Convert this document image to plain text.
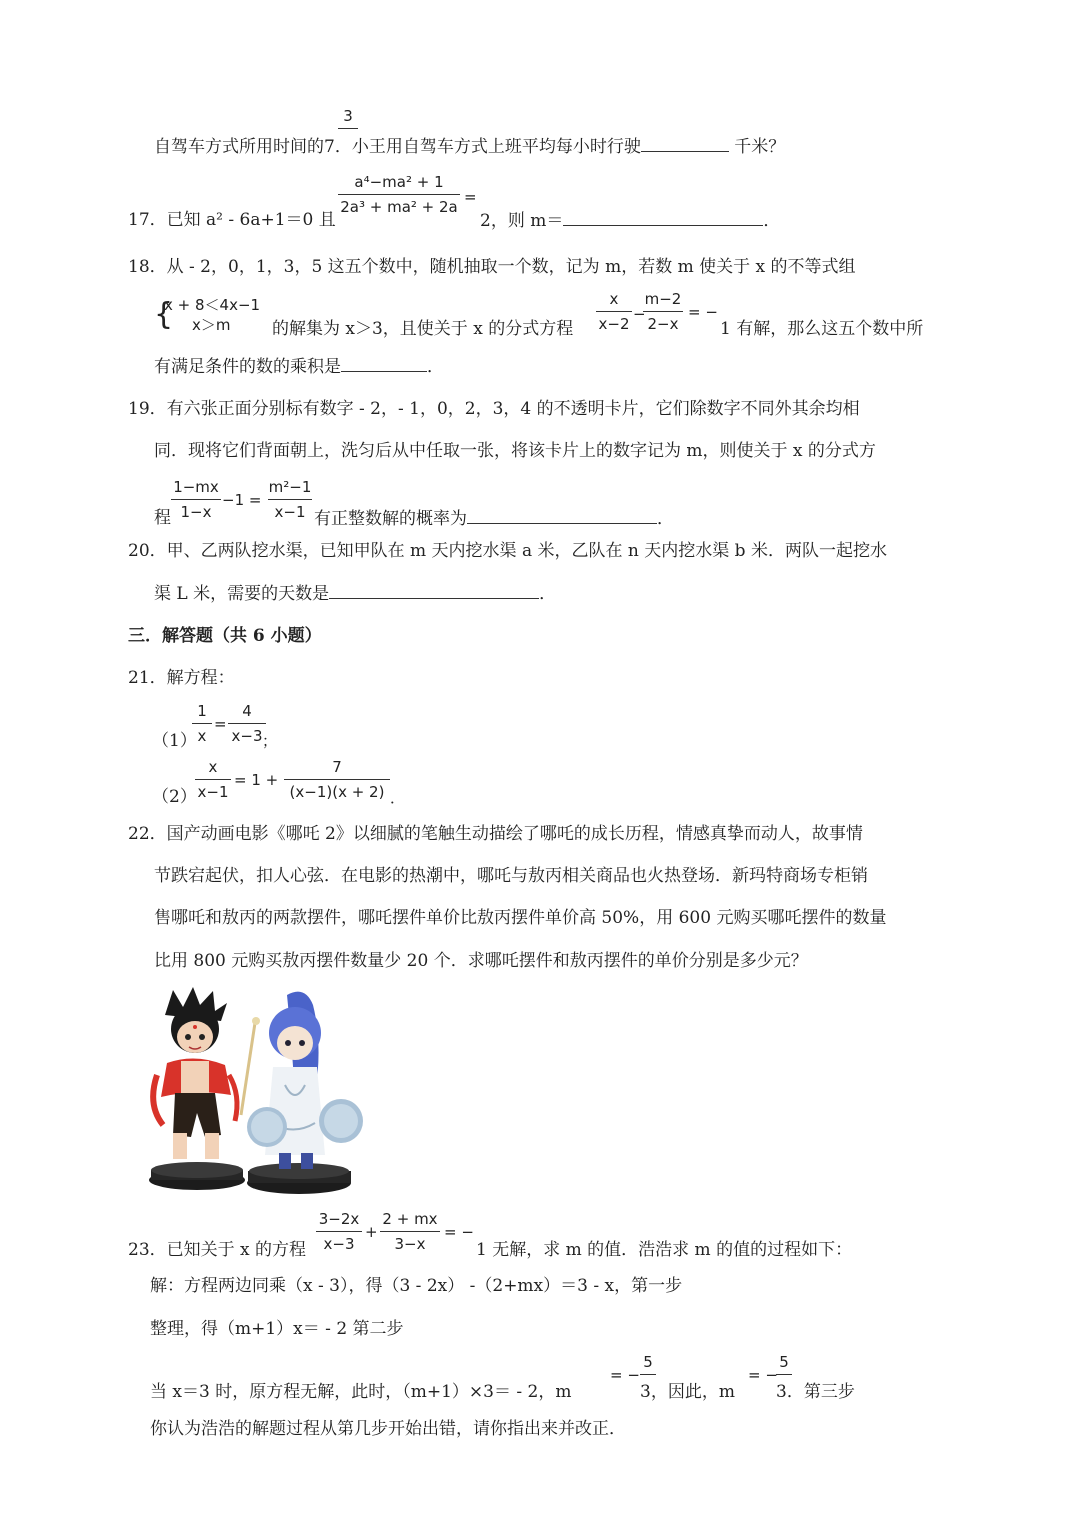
3
自驾车方式所用时间的7．小王用自驾车方式上班平均每小时行驶	千米？
17．已知 a² - 6a+1＝0 且
a⁴−ma² + 1
2a³ + ma² + 2a
=
2，则 m＝	．
18．从 - 2，0，1，3，5 这五个数中，随机抽取一个数，记为 m，若数 m 使关于 x 的不等式组
{
x + 8＜4x−1
x＞m 的解集为 x＞3，且使关于 x 的分式方程
x
x−2
−
m−2
2−x
= −
1 有解，那么这五个数中所
有满足条件的数的乘积是	．
19．有六张正面分别标有数字 - 2，- 1，0，2，3，4 的不透明卡片，它们除数字不同外其余均相
同．现将它们背面朝上，洗匀后从中任取一张，将该卡片上的数字记为 m，则使关于 x 的分式方
程
1−mx
1−x
−1 =
m²−1
x−1 有正整数解的概率为	．
20．甲、乙两队挖水渠，已知甲队在 m 天内挖水渠 a 米，乙队在 n 天内挖水渠 b 米．两队一起挖水
渠 L 米，需要的天数是	．
三．解答题（共 6 小题）
21．解方程：
（1）
1
x
=
4
x−3 ；
（2）
x
x−1
= 1 +
7
(x−1)(x + 2) ．
22．国产动画电影《哪吒 2》以细腻的笔触生动描绘了哪吒的成长历程，情感真挚而动人，故事情
节跌宕起伏，扣人心弦．在电影的热潮中，哪吒与敖丙相关商品也火热登场．新玛特商场专柜销
售哪吒和敖丙的两款摆件，哪吒摆件单价比敖丙摆件单价高 50%，用 600 元购买哪吒摆件的数量
比用 800 元购买敖丙摆件数量少 20 个．求哪吒摆件和敖丙摆件的单价分别是多少元？
23．已知关于 x 的方程
3−2x
x−3
+
2 + mx
3−x
= −
1 无解，求 m 的值．浩浩求 m 的值的过程如下：
解：方程两边同乘（x - 3），得（3 - 2x） -（2+mx）＝3 - x，第一步
整理，得（m+1）x＝ - 2 第二步
当 x＝3 时，原方程无解，此时，（m+1）×3＝ - 2，m
= −
5
3，因此，m
= −
5
3．第三步
你认为浩浩的解题过程从第几步开始出错，请你指出来并改正．
